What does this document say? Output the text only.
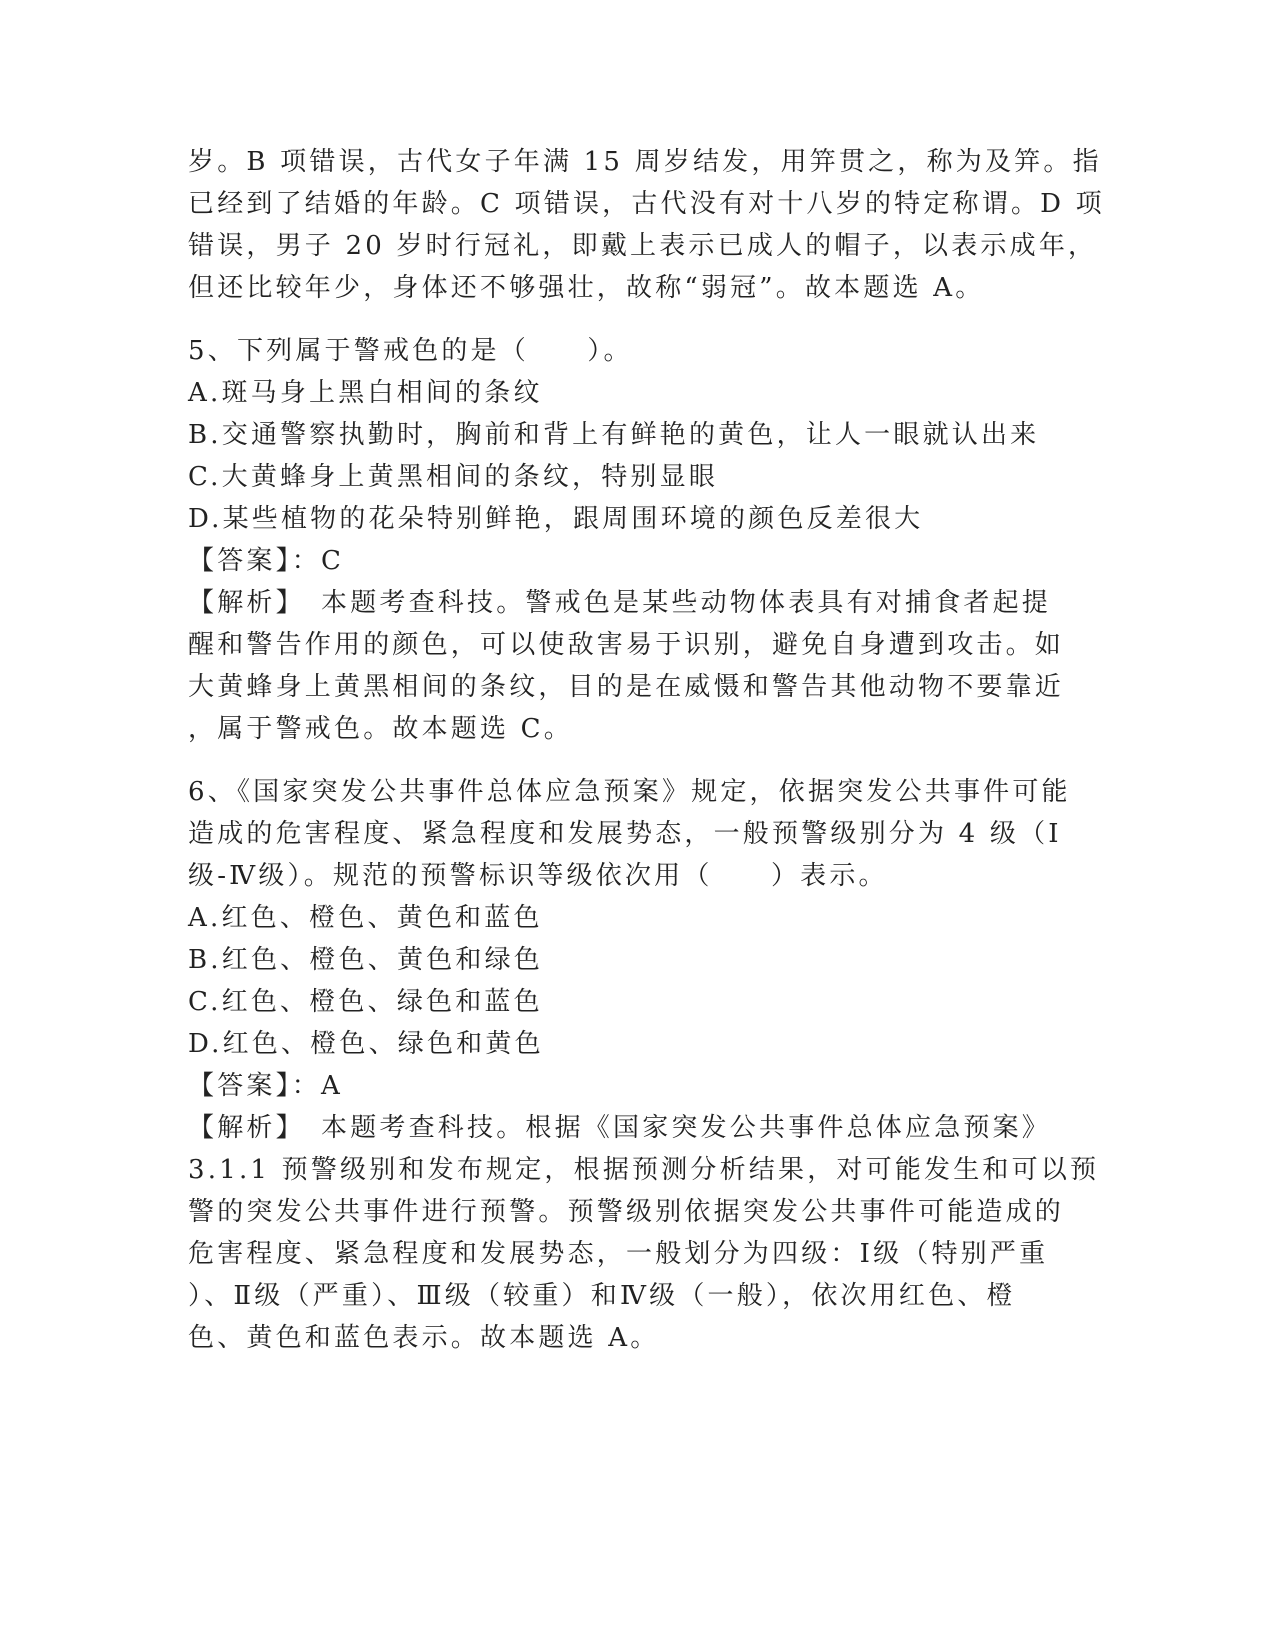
岁。B 项错误，古代女子年满 15 周岁结发，用笄贯之，称为及笄。指
已经到了结婚的年龄。C 项错误，古代没有对十八岁的特定称谓。D 项
错误，男子 20 岁时行冠礼，即戴上表示已成人的帽子，以表示成年，
但还比较年少，身体还不够强壮，故称“弱冠”。故本题选 A。
5、下列属于警戒色的是（　　）。
A.斑马身上黑白相间的条纹
B.交通警察执勤时，胸前和背上有鲜艳的黄色，让人一眼就认出来
C.大黄蜂身上黄黑相间的条纹，特别显眼
D.某些植物的花朵特别鲜艳，跟周围环境的颜色反差很大
【答案】：C
【解析】　本题考查科技。警戒色是某些动物体表具有对捕食者起提
醒和警告作用的颜色，可以使敌害易于识别，避免自身遭到攻击。如
大黄蜂身上黄黑相间的条纹，目的是在威慑和警告其他动物不要靠近
，属于警戒色。故本题选 C。
6、《国家突发公共事件总体应急预案》规定，依据突发公共事件可能
造成的危害程度、紧急程度和发展势态，一般预警级别分为 4 级（Ⅰ
级-Ⅳ级）。规范的预警标识等级依次用（　　）表示。
A.红色、橙色、黄色和蓝色
B.红色、橙色、黄色和绿色
C.红色、橙色、绿色和蓝色
D.红色、橙色、绿色和黄色
【答案】：A
【解析】　本题考查科技。根据《国家突发公共事件总体应急预案》
3.1.1 预警级别和发布规定，根据预测分析结果，对可能发生和可以预
警的突发公共事件进行预警。预警级别依据突发公共事件可能造成的
危害程度、紧急程度和发展势态，一般划分为四级：Ⅰ级（特别严重
）、Ⅱ级（严重）、Ⅲ级（较重）和Ⅳ级（一般），依次用红色、橙
色、黄色和蓝色表示。故本题选 A。
